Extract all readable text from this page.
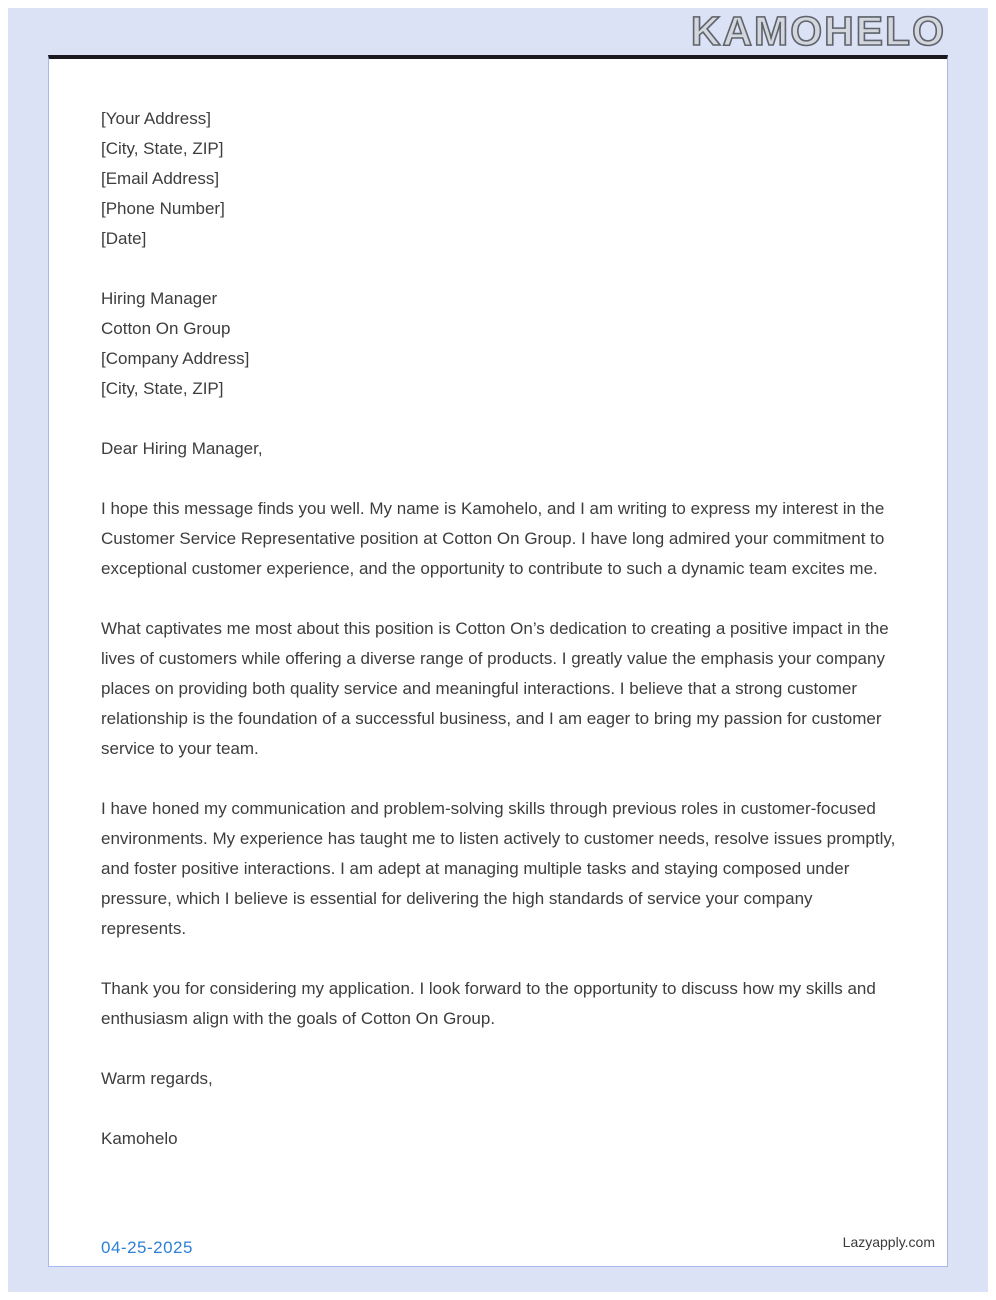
KAMOHELO
[Your Address]
[City, State, ZIP]
[Email Address]
[Phone Number]
[Date]
Hiring Manager
Cotton On Group
[Company Address]
[City, State, ZIP]

Dear Hiring Manager,

I hope this message finds you well. My name is Kamohelo, and I am writing to express my interest in the Customer Service Representative position at Cotton On Group. I have long admired your commitment to exceptional customer experience, and the opportunity to contribute to such a dynamic team excites me.

What captivates me most about this position is Cotton On’s dedication to creating a positive impact in the lives of customers while offering a diverse range of products. I greatly value the emphasis your company places on providing both quality service and meaningful interactions. I believe that a strong customer relationship is the foundation of a successful business, and I am eager to bring my passion for customer service to your team.

I have honed my communication and problem-solving skills through previous roles in customer-focused environments. My experience has taught me to listen actively to customer needs, resolve issues promptly, and foster positive interactions. I am adept at managing multiple tasks and staying composed under pressure, which I believe is essential for delivering the high standards of service your company represents.

Thank you for considering my application. I look forward to the opportunity to discuss how my skills and enthusiasm align with the goals of Cotton On Group.

Warm regards,

Kamohelo

04-25-2025	Lazyapply.com
